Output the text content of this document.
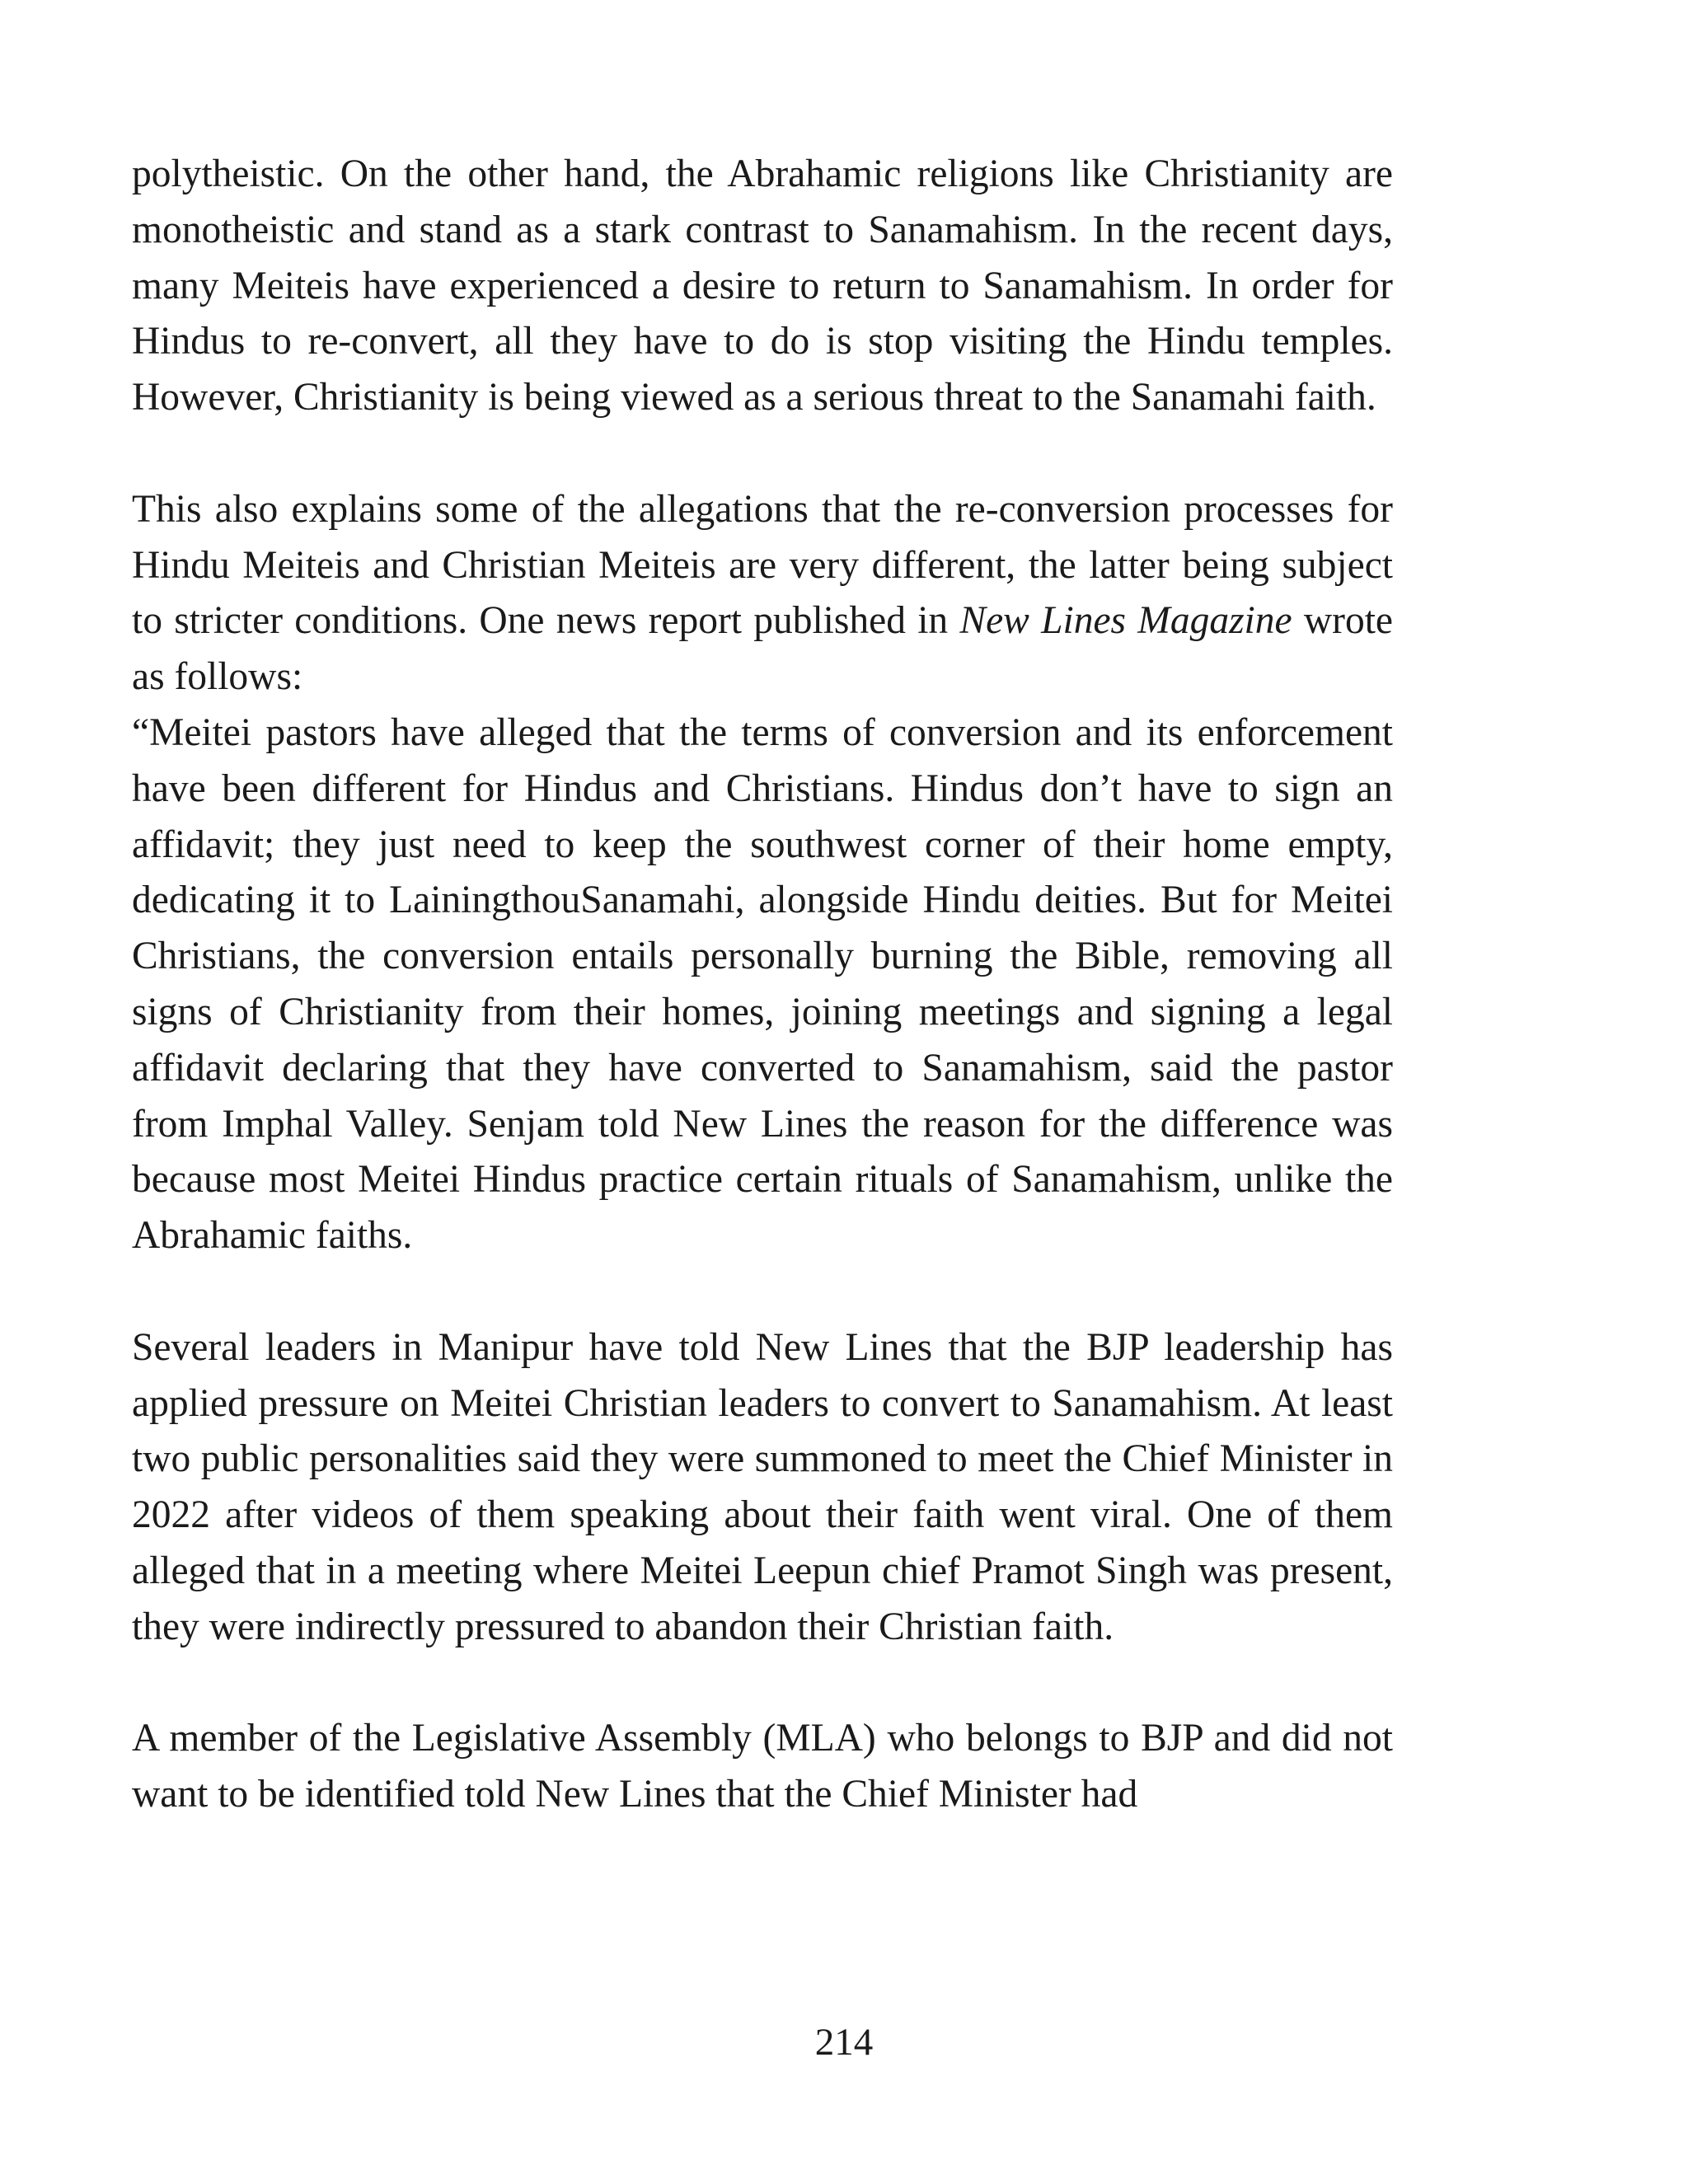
polytheistic. On the other hand, the Abrahamic religions like Christianity are monotheistic and stand as a stark contrast to Sanamahism. In the recent days, many Meiteis have experienced a desire to return to Sanamahism. In order for Hindus to re-convert, all they have to do is stop visiting the Hindu temples. However, Christianity is being viewed as a serious threat to the Sanamahi faith.

This also explains some of the allegations that the re-conversion processes for Hindu Meiteis and Christian Meiteis are very different, the latter being subject to stricter conditions. One news report published in New Lines Magazine wrote as follows:

“Meitei pastors have alleged that the terms of conversion and its enforcement have been different for Hindus and Christians. Hindus don’t have to sign an affidavit; they just need to keep the southwest corner of their home empty, dedicating it to LainingthouSanamahi, alongside Hindu deities. But for Meitei Christians, the conversion entails personally burning the Bible, removing all signs of Christianity from their homes, joining meetings and signing a legal affidavit declaring that they have converted to Sanamahism, said the pastor from Imphal Valley. Senjam told New Lines the reason for the difference was because most Meitei Hindus practice certain rituals of Sanamahism, unlike the Abrahamic faiths.

Several leaders in Manipur have told New Lines that the BJP leadership has applied pressure on Meitei Christian leaders to convert to Sanamahism. At least two public personalities said they were summoned to meet the Chief Minister in 2022 after videos of them speaking about their faith went viral. One of them alleged that in a meeting where Meitei Leepun chief Pramot Singh was present, they were indirectly pressured to abandon their Christian faith.

A member of the Legislative Assembly (MLA) who belongs to BJP and did not want to be identified told New Lines that the Chief Minister had

214
